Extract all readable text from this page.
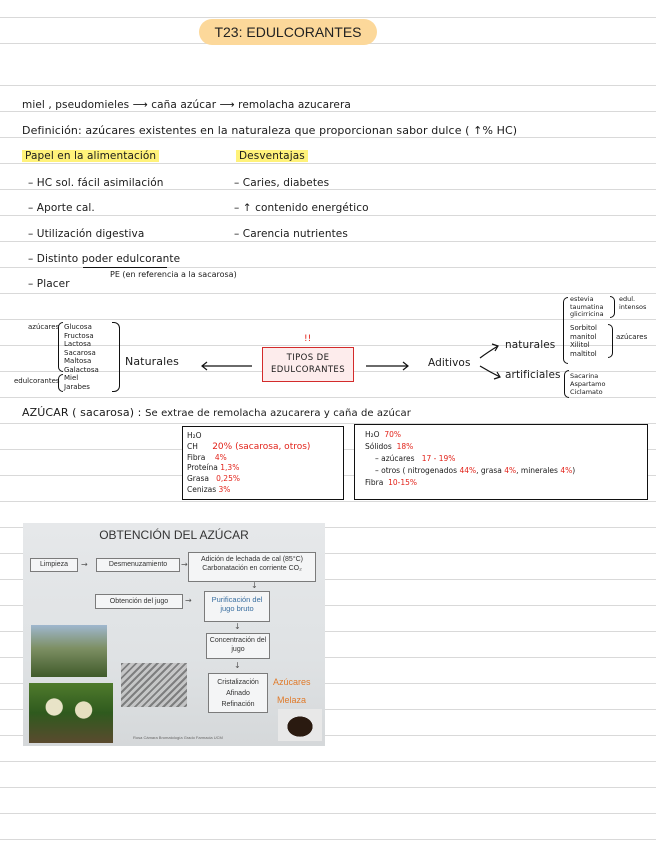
T23: EDULCORANTES
miel , pseudomieles ⟶ caña azúcar ⟶ remolacha azucarera
Definición: azúcares existentes en la naturaleza que proporcionan sabor dulce ( ↑% HC)
Papel en la alimentación
– HC sol. fácil asimilación
– Aporte cal.
– Utilización digestiva
– Distinto poder edulcorante
– Placer
PE (en referencia a la sacarosa)
Desventajas
– Caries, diabetes
– ↑ contenido energético
– Carencia nutrientes
azúcares Glucosa
Fructosa
Lactosa
Sacarosa
Maltosa
Galactosa
edulcorantes Miel
Jarabes
Naturales
!!
TIPOS DE
EDULCORANTES
Aditivos
naturales
artificiales
estevia
taumatina
glicirricina
edul. intensos
Sorbitol
manitol
Xilitol
maltitol
azúcares
Sacarina
Aspartamo
Ciclamato
AZÚCAR ( sacarosa) : Se extrae de remolacha azucarera y caña de azúcar
H₂O
CH 20% (sacarosa, otros)
Fibra 4%
Proteína 1,3%
Grasa 0,25%
Cenizas 3%
H₂O 70%
Sólidos 18%
– azúcares 17 - 19%
– otros ( nitrogenados 44%, grasa 4%, minerales 4%)
Fibra 10-15%
OBTENCIÓN DEL AZÚCAR
Limpieza	Desmenuzamiento
Adición de lechada de cal (85°C)
Carbonatación en corriente CO₂
Obtención del jugo	Purificación del jugo bruto
Concentración del jugo
Cristalización
Afinado
Refinación
Azúcares
Melaza
→	→
↓
→
↓
↓
Rosa Cámara Bromatología Grado Farmacia UCM
